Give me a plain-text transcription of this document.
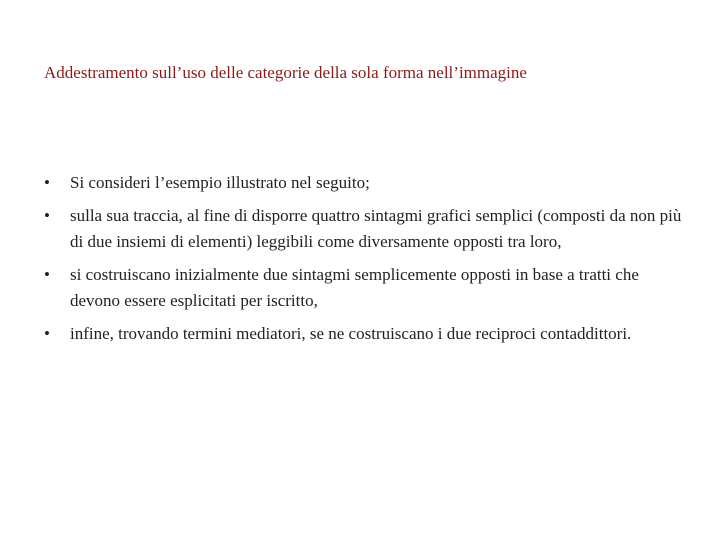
Addestramento sull’uso delle categorie della sola forma nell’immagine
•	Si consideri l’esempio illustrato nel seguito;
•	sulla sua traccia, al fine di disporre quattro sintagmi grafici semplici (composti da non più di due insiemi di elementi) leggibili come diversamente opposti tra loro,
•	si costruiscano inizialmente due sintagmi semplicemente opposti in base a tratti che devono essere esplicitati per iscritto,
•	infine, trovando termini mediatori, se ne costruiscano i due reciproci contaddittori.
